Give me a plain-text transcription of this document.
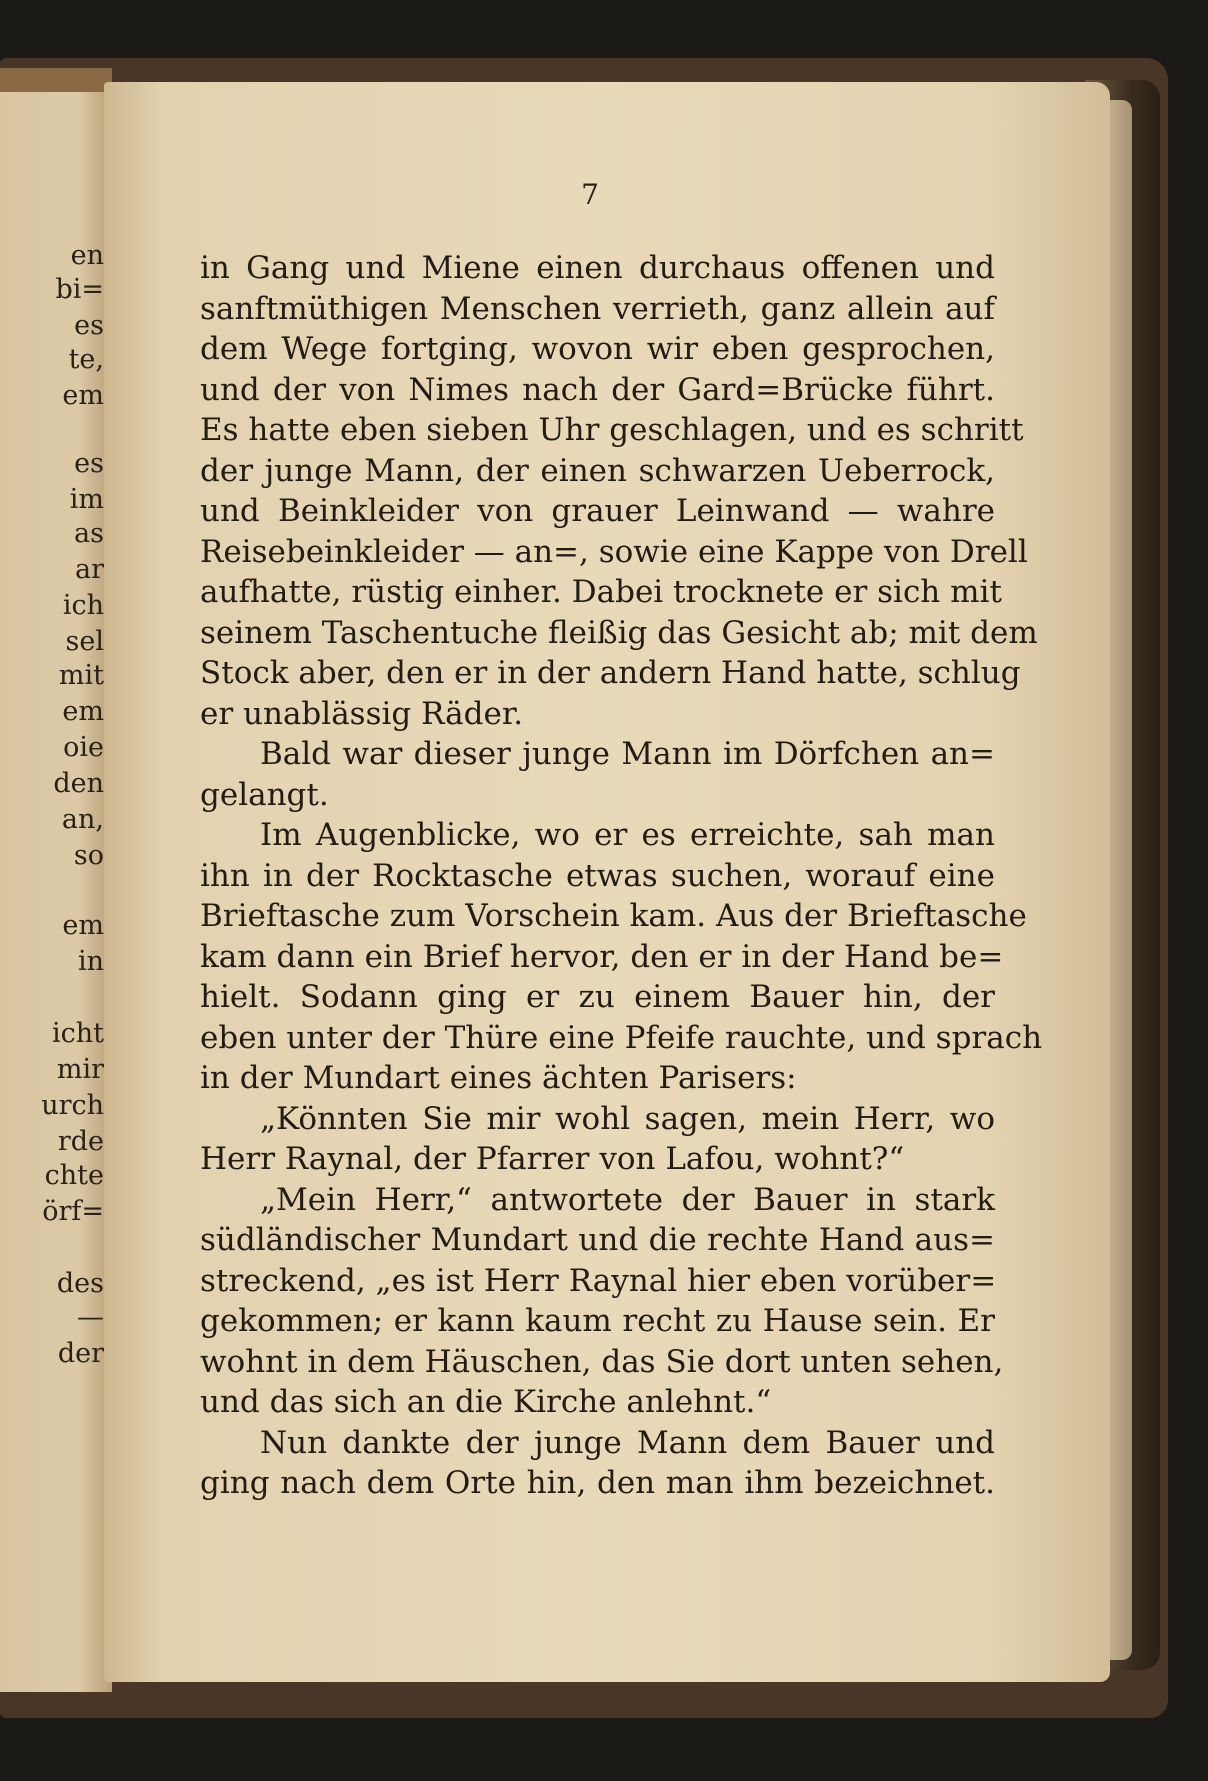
7
in Gang und Miene einen durchaus offenen und
sanftmüthigen Menschen verrieth, ganz allein auf
dem Wege fortging, wovon wir eben gesprochen,
und der von Nimes nach der Gard=Brücke führt.
Es hatte eben sieben Uhr geschlagen, und es schritt
der junge Mann, der einen schwarzen Ueberrock,
und Beinkleider von grauer Leinwand — wahre
Reisebeinkleider — an=, sowie eine Kappe von Drell
aufhatte, rüstig einher. Dabei trocknete er sich mit
seinem Taschentuche fleißig das Gesicht ab; mit dem
Stock aber, den er in der andern Hand hatte, schlug
er unablässig Räder.
Bald war dieser junge Mann im Dörfchen an=
gelangt.
Im Augenblicke, wo er es erreichte, sah man
ihn in der Rocktasche etwas suchen, worauf eine
Brieftasche zum Vorschein kam. Aus der Brieftasche
kam dann ein Brief hervor, den er in der Hand be=
hielt. Sodann ging er zu einem Bauer hin, der
eben unter der Thüre eine Pfeife rauchte, und sprach
in der Mundart eines ächten Parisers:
„Könnten Sie mir wohl sagen, mein Herr, wo
Herr Raynal, der Pfarrer von Lafou, wohnt?“
„Mein Herr,“ antwortete der Bauer in stark
südländischer Mundart und die rechte Hand aus=
streckend, „es ist Herr Raynal hier eben vorüber=
gekommen; er kann kaum recht zu Hause sein. Er
wohnt in dem Häuschen, das Sie dort unten sehen,
und das sich an die Kirche anlehnt.“
Nun dankte der junge Mann dem Bauer und
ging nach dem Orte hin, den man ihm bezeichnet.
en
bi=
es
te,
em
es
im
as
ar
ich
sel
mit
em
oie
den
an,
so
em
in
icht
mir
urch
rde
chte
örf=
des
—
der
